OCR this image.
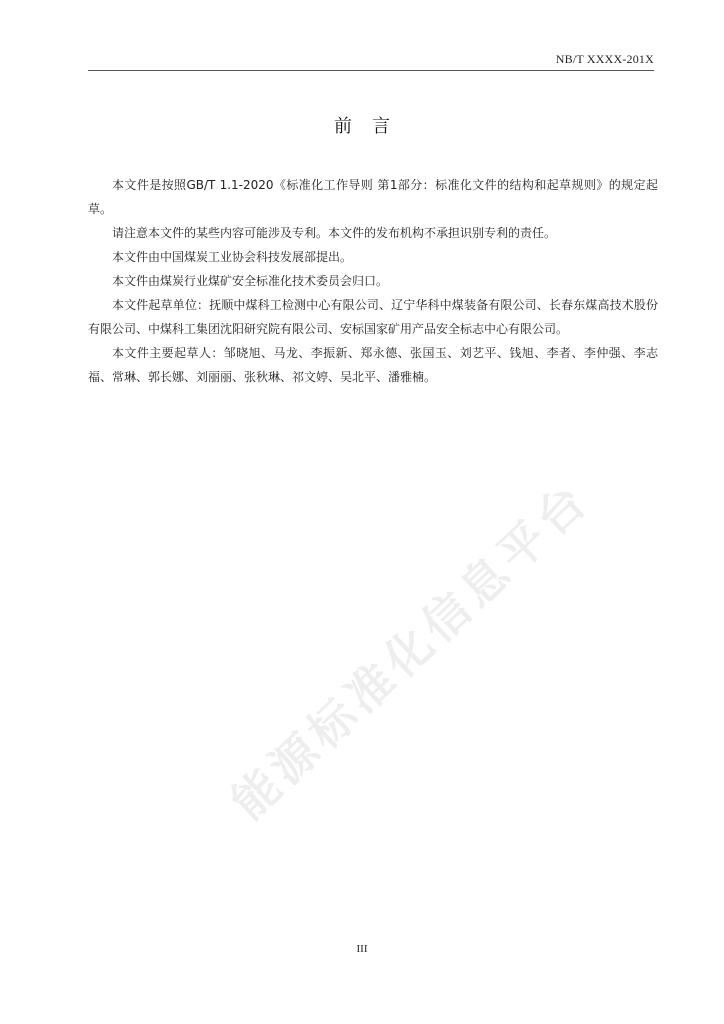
NB/T XXXX-201X
前言

本文件是按照GB/T 1.1-2020《标准化工作导则 第1部分：标准化文件的结构和起草规则》的规定起草。

请注意本文件的某些内容可能涉及专利。本文件的发布机构不承担识别专利的责任。

本文件由中国煤炭工业协会科技发展部提出。

本文件由煤炭行业煤矿安全标准化技术委员会归口。

本文件起草单位：抚顺中煤科工检测中心有限公司、辽宁华科中煤装备有限公司、长春东煤高技术股份有限公司、中煤科工集团沈阳研究院有限公司、安标国家矿用产品安全标志中心有限公司。

本文件主要起草人：邹晓旭、马龙、李振新、郑永德、张国玉、刘艺平、钱旭、李者、李仲强、李志福、常琳、郭长娜、刘丽丽、张秋琳、祁文婷、吴北平、潘雅楠。

能源标准化信息平台
III
